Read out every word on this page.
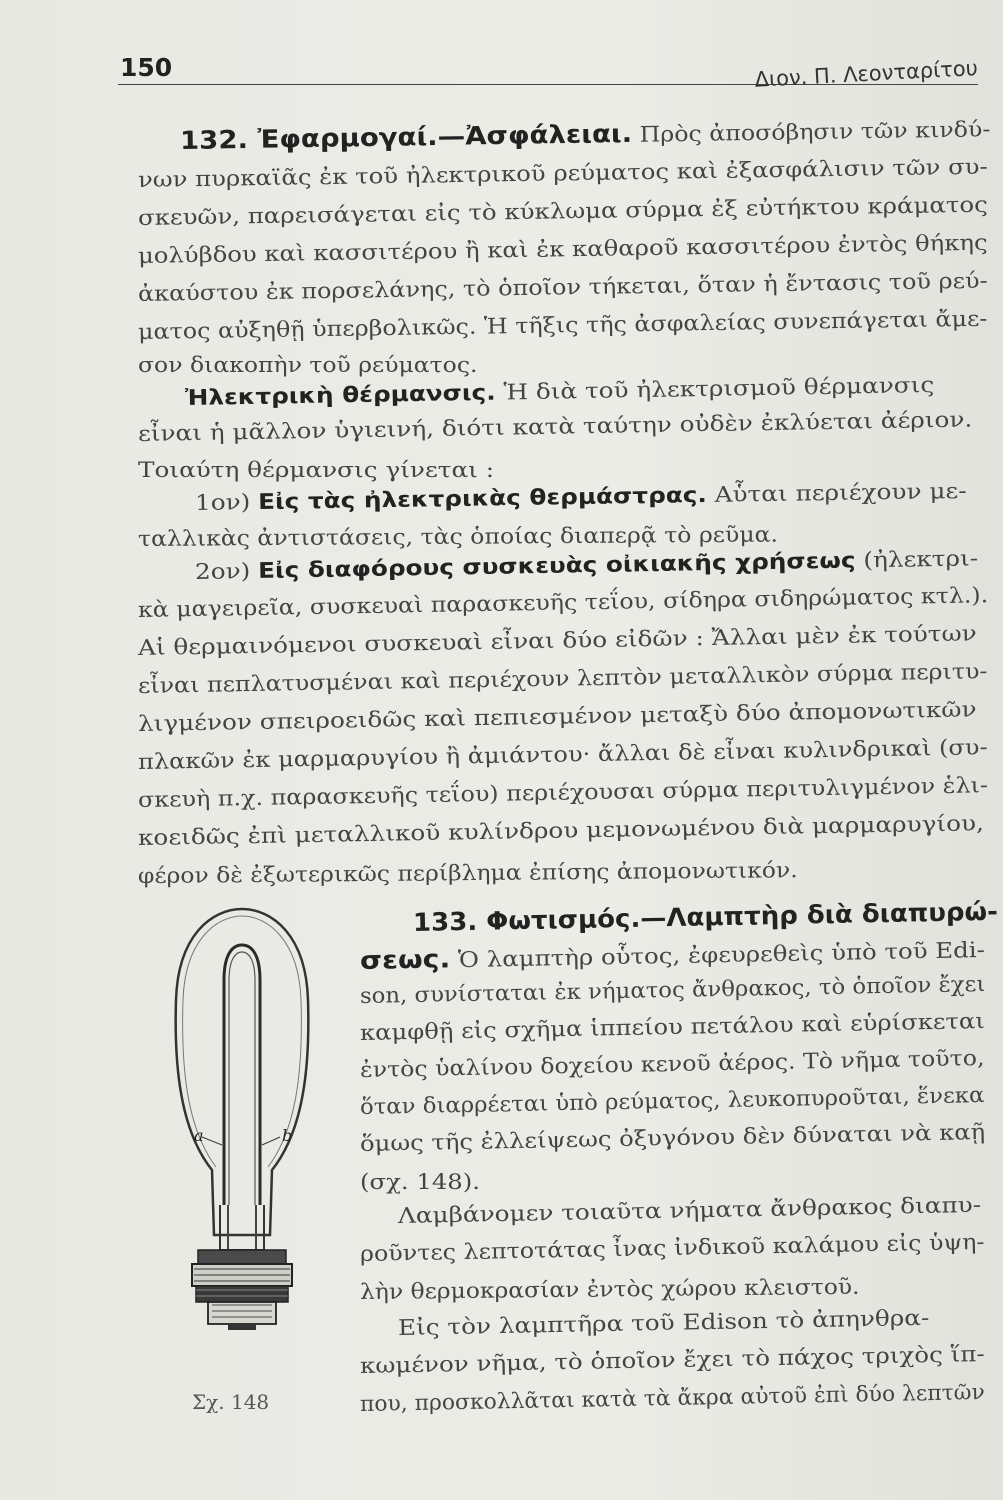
150	Διον. Π. Λεονταρίτου
132. Ἐφαρμογαί.—Ἀσφάλειαι. Πρὸς ἀποσόβησιν τῶν κινδύ-
νων πυρκαϊᾶς ἐκ τοῦ ἠλεκτρικοῦ ρεύματος καὶ ἐξασφάλισιν τῶν συ-
σκευῶν, παρεισάγεται εἰς τὸ κύκλωμα σύρμα ἐξ εὐτήκτου κράματος
μολύβδου καὶ κασσιτέρου ἢ καὶ ἐκ καθαροῦ κασσιτέρου ἐντὸς θήκης
ἀκαύστου ἐκ πορσελάνης, τὸ ὁποῖον τήκεται, ὅταν ἡ ἔντασις τοῦ ρεύ-
ματος αὐξηθῇ ὑπερβολικῶς. Ἡ τῆξις τῆς ἀσφαλείας συνεπάγεται ἄμε-
σον διακοπὴν τοῦ ρεύματος.
Ἠλεκτρικὴ θέρμανσις. Ἡ διὰ τοῦ ἠλεκτρισμοῦ θέρμανσις
εἶναι ἡ μᾶλλον ὑγιεινή, διότι κατὰ ταύτην οὐδὲν ἐκλύεται ἀέριον.
Τοιαύτη θέρμανσις γίνεται :
1ον) Εἰς τὰς ἠλεκτρικὰς θερμάστρας. Αὗται περιέχουν με-
ταλλικὰς ἀντιστάσεις, τὰς ὁποίας διαπερᾷ τὸ ρεῦμα.
2ον) Εἰς διαφόρους συσκευὰς οἰκιακῆς χρήσεως (ἠλεκτρι-
κὰ μαγειρεῖα, συσκευαὶ παρασκευῆς τεΐου, σίδηρα σιδηρώματος κτλ.).
Αἱ θερμαινόμενοι συσκευαὶ εἶναι δύο εἰδῶν : Ἄλλαι μὲν ἐκ τούτων
εἶναι πεπλατυσμέναι καὶ περιέχουν λεπτὸν μεταλλικὸν σύρμα περιτυ-
λιγμένον σπειροειδῶς καὶ πεπιεσμένον μεταξὺ δύο ἀπομονωτικῶν
πλακῶν ἐκ μαρμαρυγίου ἢ ἀμιάντου· ἄλλαι δὲ εἶναι κυλινδρικαὶ (συ-
σκευὴ π.χ. παρασκευῆς τεΐου) περιέχουσαι σύρμα περιτυλιγμένον ἑλι-
κοειδῶς ἐπὶ μεταλλικοῦ κυλίνδρου μεμονωμένου διὰ μαρμαρυγίου,
φέρον δὲ ἐξωτερικῶς περίβλημα ἐπίσης ἀπομονωτικόν.
133. Φωτισμός.—Λαμπτὴρ διὰ διαπυρώ-
σεως. Ὁ λαμπτὴρ οὗτος, ἐφευρεθεὶς ὑπὸ τοῦ Edi-
son, συνίσταται ἐκ νήματος ἄνθρακος, τὸ ὁποῖον ἔχει
καμφθῇ εἰς σχῆμα ἱππείου πετάλου καὶ εὑρίσκεται
ἐντὸς ὑαλίνου δοχείου κενοῦ ἀέρος. Τὸ νῆμα τοῦτο,
ὅταν διαρρέεται ὑπὸ ρεύματος, λευκοπυροῦται, ἕνεκα
ὅμως τῆς ἐλλείψεως ὀξυγόνου δὲν δύναται νὰ καῇ
(σχ. 148).
Λαμβάνομεν τοιαῦτα νήματα ἄνθρακος διαπυ-
ροῦντες λεπτοτάτας ἶνας ἰνδικοῦ καλάμου εἰς ὑψη-
λὴν θερμοκρασίαν ἐντὸς χώρου κλειστοῦ.
Εἰς τὸν λαμπτῆρα τοῦ Edison τὸ ἀπηνθρα-
κωμένον νῆμα, τὸ ὁποῖον ἔχει τὸ πάχος τριχὸς ἵπ-
που, προσκολλᾶται κατὰ τὰ ἄκρα αὐτοῦ ἐπὶ δύο λεπτῶν
a	b
Σχ. 148
